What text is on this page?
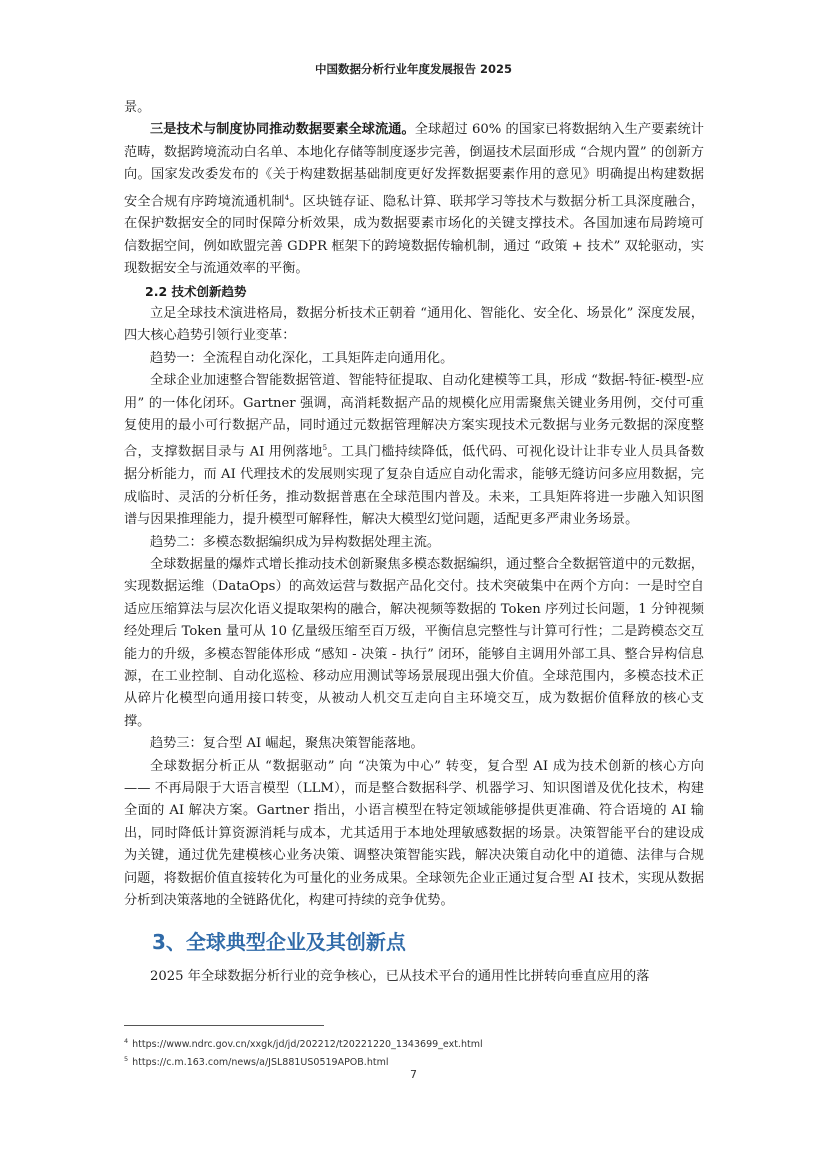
中国数据分析行业年度发展报告 2025

景。

三是技术与制度协同推动数据要素全球流通。全球超过 60% 的国家已将数据纳入生产要素统计范畴，数据跨境流动白名单、本地化存储等制度逐步完善，倒逼技术层面形成 “合规内置” 的创新方向。国家发改委发布的《关于构建数据基础制度更好发挥数据要素作用的意见》明确提出构建数据安全合规有序跨境流通机制$^4$。区块链存证、隐私计算、联邦学习等技术与数据分析工具深度融合，在保护数据安全的同时保障分析效果，成为数据要素市场化的关键支撑技术。各国加速布局跨境可信数据空间，例如欧盟完善 GDPR 框架下的跨境数据传输机制，通过 “政策 + 技术” 双轮驱动，实现数据安全与流通效率的平衡。

2.2 技术创新趋势

立足全球技术演进格局，数据分析技术正朝着 “通用化、智能化、安全化、场景化” 深度发展，四大核心趋势引领行业变革：

趋势一：全流程自动化深化，工具矩阵走向通用化。

全球企业加速整合智能数据管道、智能特征提取、自动化建模等工具，形成 “数据-特征-模型-应用” 的一体化闭环。Gartner 强调，高消耗数据产品的规模化应用需聚焦关键业务用例，交付可重复使用的最小可行数据产品，同时通过元数据管理解决方案实现技术元数据与业务元数据的深度整合，支撑数据目录与 AI 用例落地$^5$。工具门槛持续降低，低代码、可视化设计让非专业人员具备数据分析能力，而 AI 代理技术的发展则实现了复杂自适应自动化需求，能够无缝访问多应用数据，完成临时、灵活的分析任务，推动数据普惠在全球范围内普及。未来，工具矩阵将进一步融入知识图谱与因果推理能力，提升模型可解释性，解决大模型幻觉问题，适配更多严肃业务场景。

趋势二：多模态数据编织成为异构数据处理主流。

全球数据量的爆炸式增长推动技术创新聚焦多模态数据编织，通过整合全数据管道中的元数据，实现数据运维（DataOps）的高效运营与数据产品化交付。技术突破集中在两个方向：一是时空自适应压缩算法与层次化语义提取架构的融合，解决视频等数据的 Token 序列过长问题，1 分钟视频经处理后 Token 量可从 10 亿量级压缩至百万级，平衡信息完整性与计算可行性；二是跨模态交互能力的升级，多模态智能体形成 “感知 - 决策 - 执行” 闭环，能够自主调用外部工具、整合异构信息源，在工业控制、自动化巡检、移动应用测试等场景展现出强大价值。全球范围内，多模态技术正从碎片化模型向通用接口转变，从被动人机交互走向自主环境交互，成为数据价值释放的核心支撑。

趋势三：复合型 AI 崛起，聚焦决策智能落地。

全球数据分析正从 “数据驱动” 向 “决策为中心” 转变，复合型 AI 成为技术创新的核心方向 —— 不再局限于大语言模型（LLM），而是整合数据科学、机器学习、知识图谱及优化技术，构建全面的 AI 解决方案。Gartner 指出，小语言模型在特定领域能够提供更准确、符合语境的 AI 输出，同时降低计算资源消耗与成本，尤其适用于本地处理敏感数据的场景。决策智能平台的建设成为关键，通过优先建模核心业务决策、调整决策智能实践，解决决策自动化中的道德、法律与合规问题，将数据价值直接转化为可量化的业务成果。全球领先企业正通过复合型 AI 技术，实现从数据分析到决策落地的全链路优化，构建可持续的竞争优势。

3、全球典型企业及其创新点

2025 年全球数据分析行业的竞争核心，已从技术平台的通用性比拼转向垂直应用的落

$^4$ https://www.ndrc.gov.cn/xxgk/jd/jd/202212/t20221220_1343699_ext.html
$^5$ https://c.m.163.com/news/a/JSL881US0519APOB.html
7
